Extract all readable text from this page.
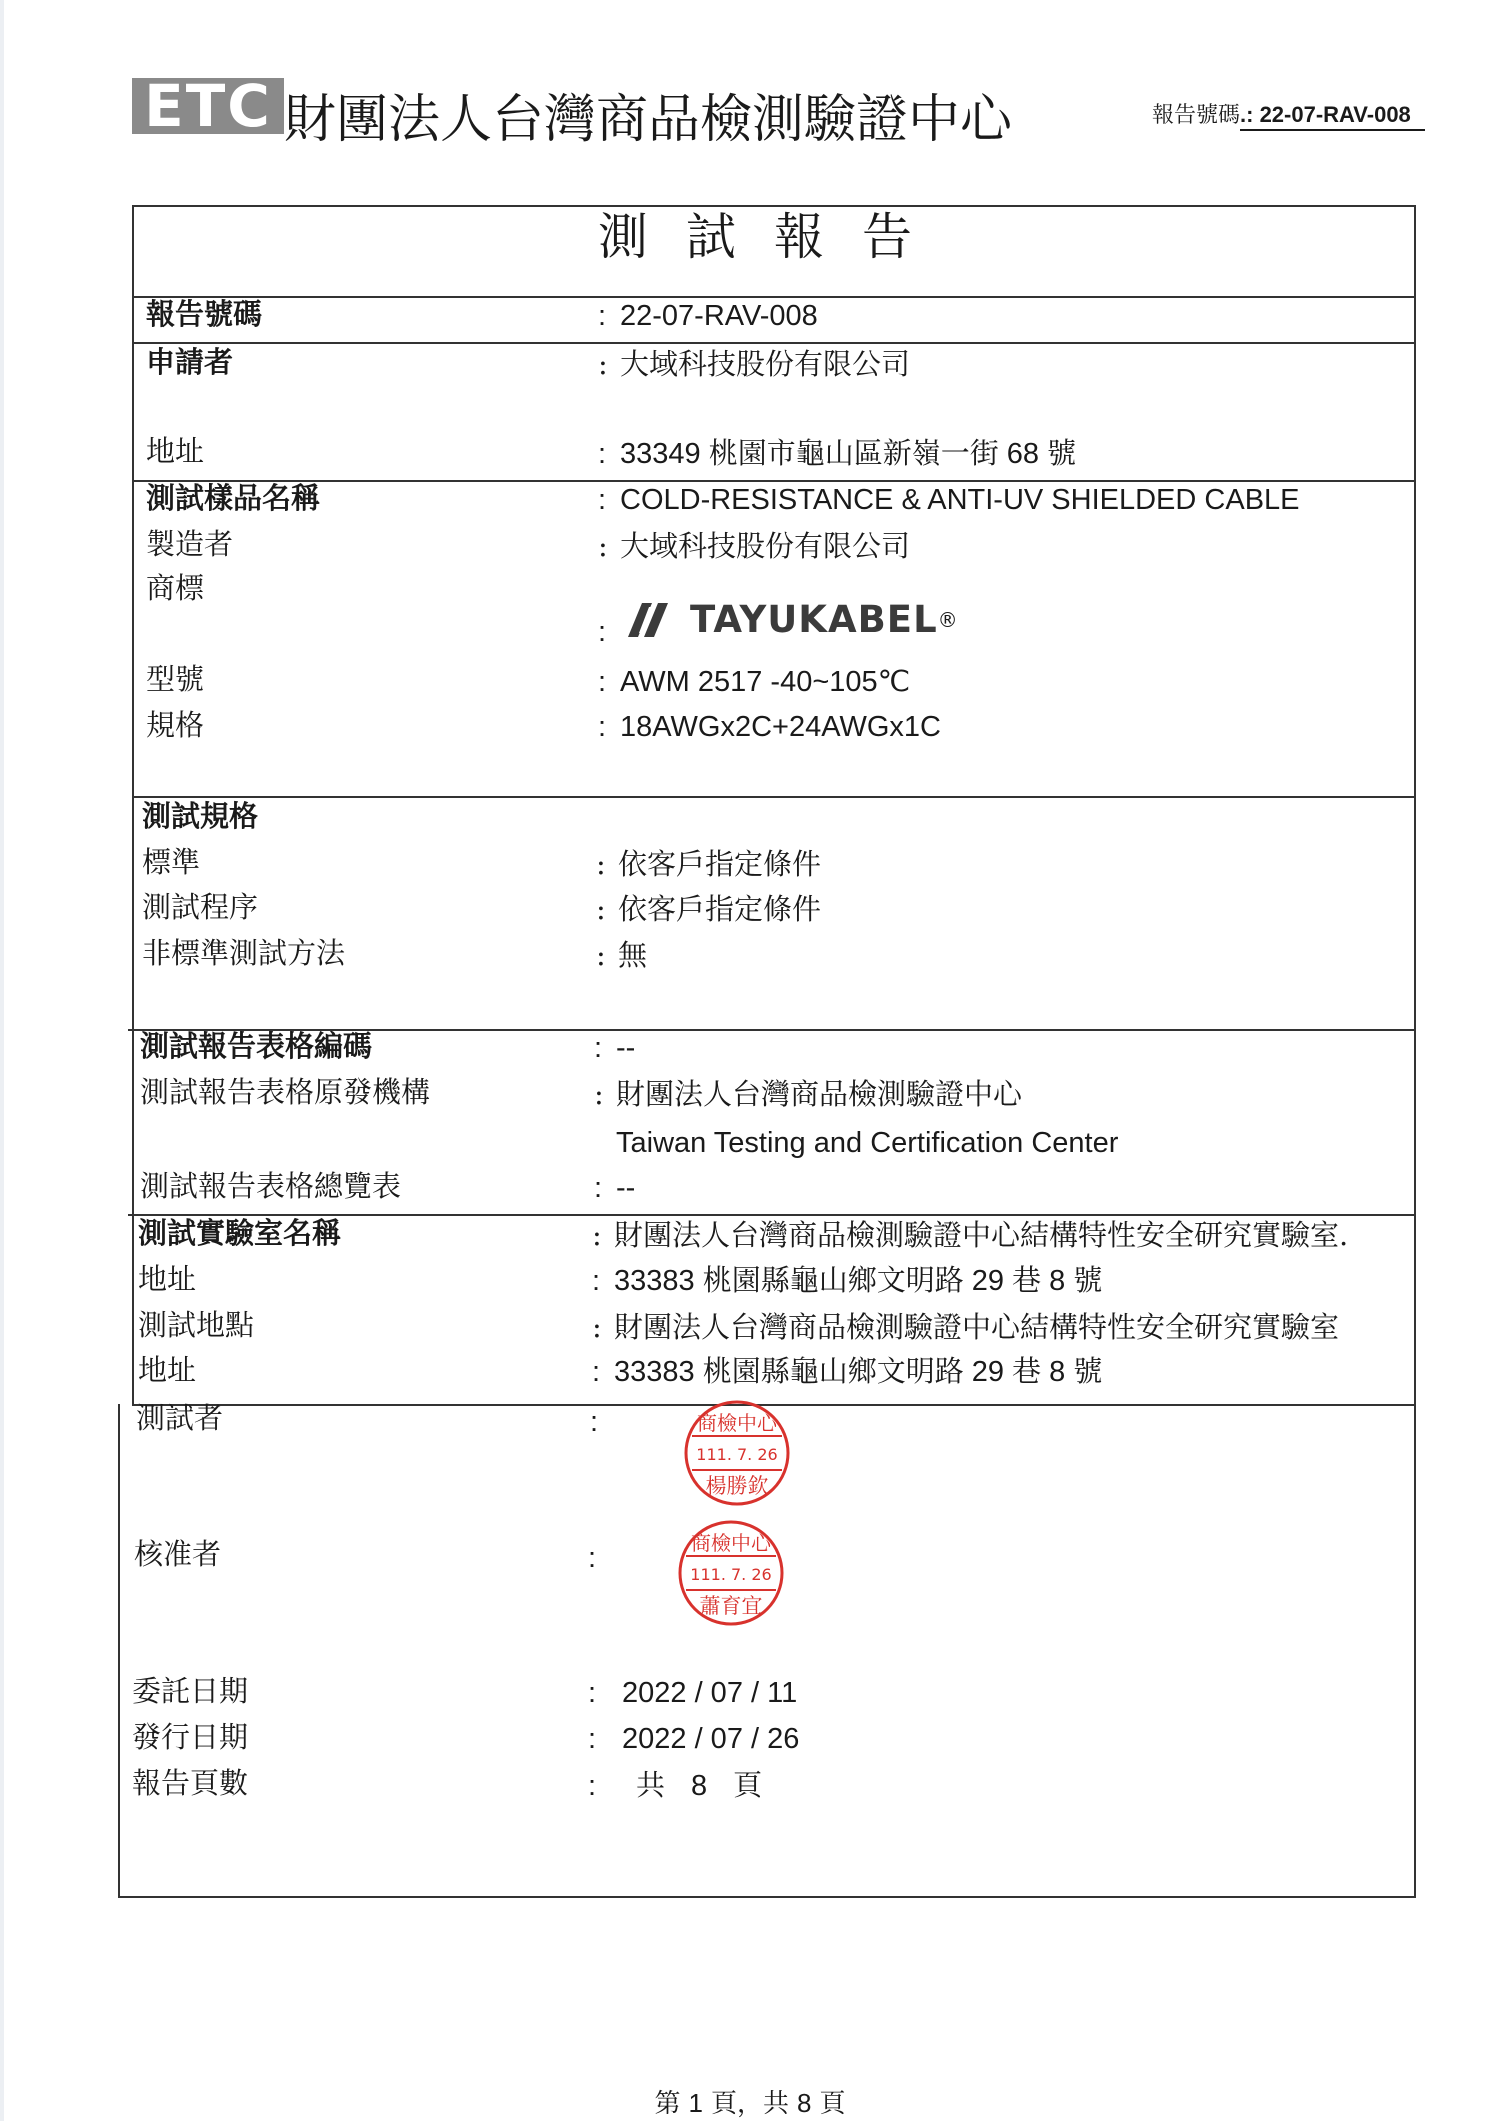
ETC 財團法人台灣商品檢測驗證中心	報告號碼.: 22-07-RAV-008
測試報告
報告號碼	: 22-07-RAV-008
申請者	: 大域科技股份有限公司
地址	: 33349 桃園市龜山區新嶺一街 68 號
測試樣品名稱	: COLD-RESISTANCE & ANTI-UV SHIELDED CABLE
製造者	: 大域科技股份有限公司
商標
:	TAYUKABEL ®
型號	: AWM 2517 -40~105℃
規格	: 18AWGx2C+24AWGx1C
測試規格
標準	: 依客戶指定條件
測試程序	: 依客戶指定條件
非標準測試方法	: 無
測試報告表格編碼	: --
測試報告表格原發機構	: 財團法人台灣商品檢測驗證中心
Taiwan Testing and Certification Center
測試報告表格總覽表	: --
測試實驗室名稱	: 財團法人台灣商品檢測驗證中心結構特性安全研究實驗室.
地址	: 33383 桃園縣龜山鄉文明路 29 巷 8 號
測試地點	: 財團法人台灣商品檢測驗證中心結構特性安全研究實驗室
地址	: 33383 桃園縣龜山鄉文明路 29 巷 8 號
測試者	:	商檢中心
111. 7. 26
楊勝欽
核准者	:	商檢中心
111. 7. 26
蕭育宜
委託日期	: 2022 / 07 / 11
發行日期	: 2022 / 07 / 26
報告頁數	: 共 8 頁
第 1 頁，共 8 頁
